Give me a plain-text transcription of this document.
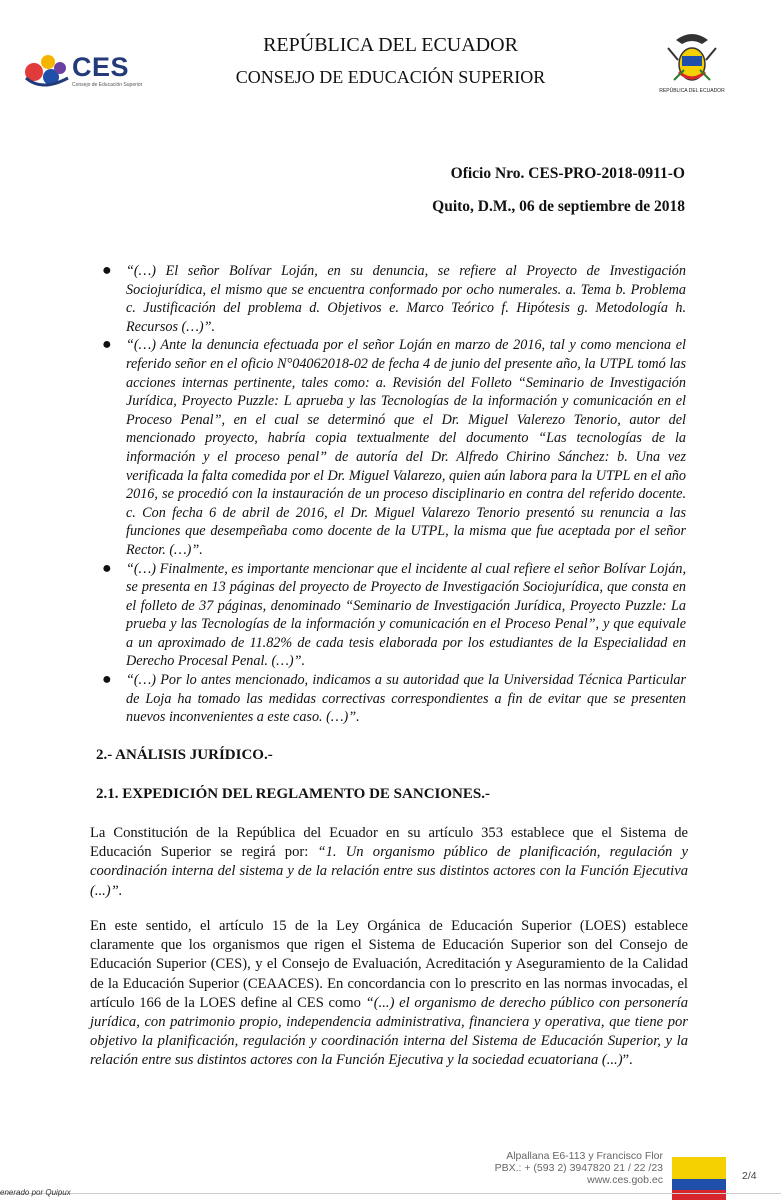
CES
Consejo de Educación Superior
REPÚBLICA DEL ECUADOR
CONSEJO DE EDUCACIÓN SUPERIOR
REPÚBLICA DEL ECUADOR
Oficio Nro. CES-PRO-2018-0911-O
Quito, D.M., 06 de septiembre de 2018
● “(…) El señor Bolívar Loján, en su denuncia, se refiere al Proyecto de Investigación Sociojurídica, el mismo que se encuentra conformado por ocho numerales. a. Tema b. Problema c. Justificación del problema d. Objetivos e. Marco Teórico f. Hipótesis g. Metodología h. Recursos (…)”.
● “(…) Ante la denuncia efectuada por el señor Loján en marzo de 2016, tal y como menciona el referido señor en el oficio N°04062018-02 de fecha 4 de junio del presente año, la UTPL tomó las acciones internas pertinente, tales como: a. Revisión del Folleto “Seminario de Investigación Jurídica, Proyecto Puzzle: L aprueba y las Tecnologías de la información y comunicación en el Proceso Penal”, en el cual se determinó que el Dr. Miguel Valerezo Tenorio, autor del mencionado proyecto, habría copia textualmente del documento “Las tecnologías de la información y el proceso penal” de autoría del Dr. Alfredo Chirino Sánchez: b. Una vez verificada la falta comedida por el Dr. Miguel Valarezo, quien aún labora para la UTPL en el año 2016, se procedió con la instauración de un proceso disciplinario en contra del referido docente. c. Con fecha 6 de abril de 2016, el Dr. Miguel Valarezo Tenorio presentó su renuncia a las funciones que desempeñaba como docente de la UTPL, la misma que fue aceptada por el señor Rector. (…)”.
● “(…) Finalmente, es importante mencionar que el incidente al cual refiere el señor Bolívar Loján, se presenta en 13 páginas del proyecto de Proyecto de Investigación Sociojurídica, que consta en el folleto de 37 páginas, denominado “Seminario de Investigación Jurídica, Proyecto Puzzle: La prueba y las Tecnologías de la información y comunicación en el Proceso Penal”, y que equivale a un aproximado de 11.82% de cada tesis elaborada por los estudiantes de la Especialidad en Derecho Procesal Penal. (…)”.
● “(…) Por lo antes mencionado, indicamos a su autoridad que la Universidad Técnica Particular de Loja ha tomado las medidas correctivas correspondientes a fin de evitar que se presenten nuevos inconvenientes a este caso. (…)”.
2.- ANÁLISIS JURÍDICO.-
2.1. EXPEDICIÓN DEL REGLAMENTO DE SANCIONES.-
La Constitución de la República del Ecuador en su artículo 353 establece que el Sistema de Educación Superior se regirá por: “1. Un organismo público de planificación, regulación y coordinación interna del sistema y de la relación entre sus distintos actores con la Función Ejecutiva (...)”.
En este sentido, el artículo 15 de la Ley Orgánica de Educación Superior (LOES) establece claramente que los organismos que rigen el Sistema de Educación Superior son del Consejo de Educación Superior (CES), y el Consejo de Evaluación, Acreditación y Aseguramiento de la Calidad de la Educación Superior (CEAACES). En concordancia con lo prescrito en las normas invocadas, el artículo 166 de la LOES define al CES como “(...) el organismo de derecho público con personería jurídica, con patrimonio propio, independencia administrativa, financiera y operativa, que tiene por objetivo la planificación, regulación y coordinación interna del Sistema de Educación Superior, y la relación entre sus distintos actores con la Función Ejecutiva y la sociedad ecuatoriana (...)”.
Alpallana E6-113 y Francisco Flor
PBX.: + (593 2) 3947820 21 / 22 /23
www.ces.gob.ec	2/4
enerado por Quipux
